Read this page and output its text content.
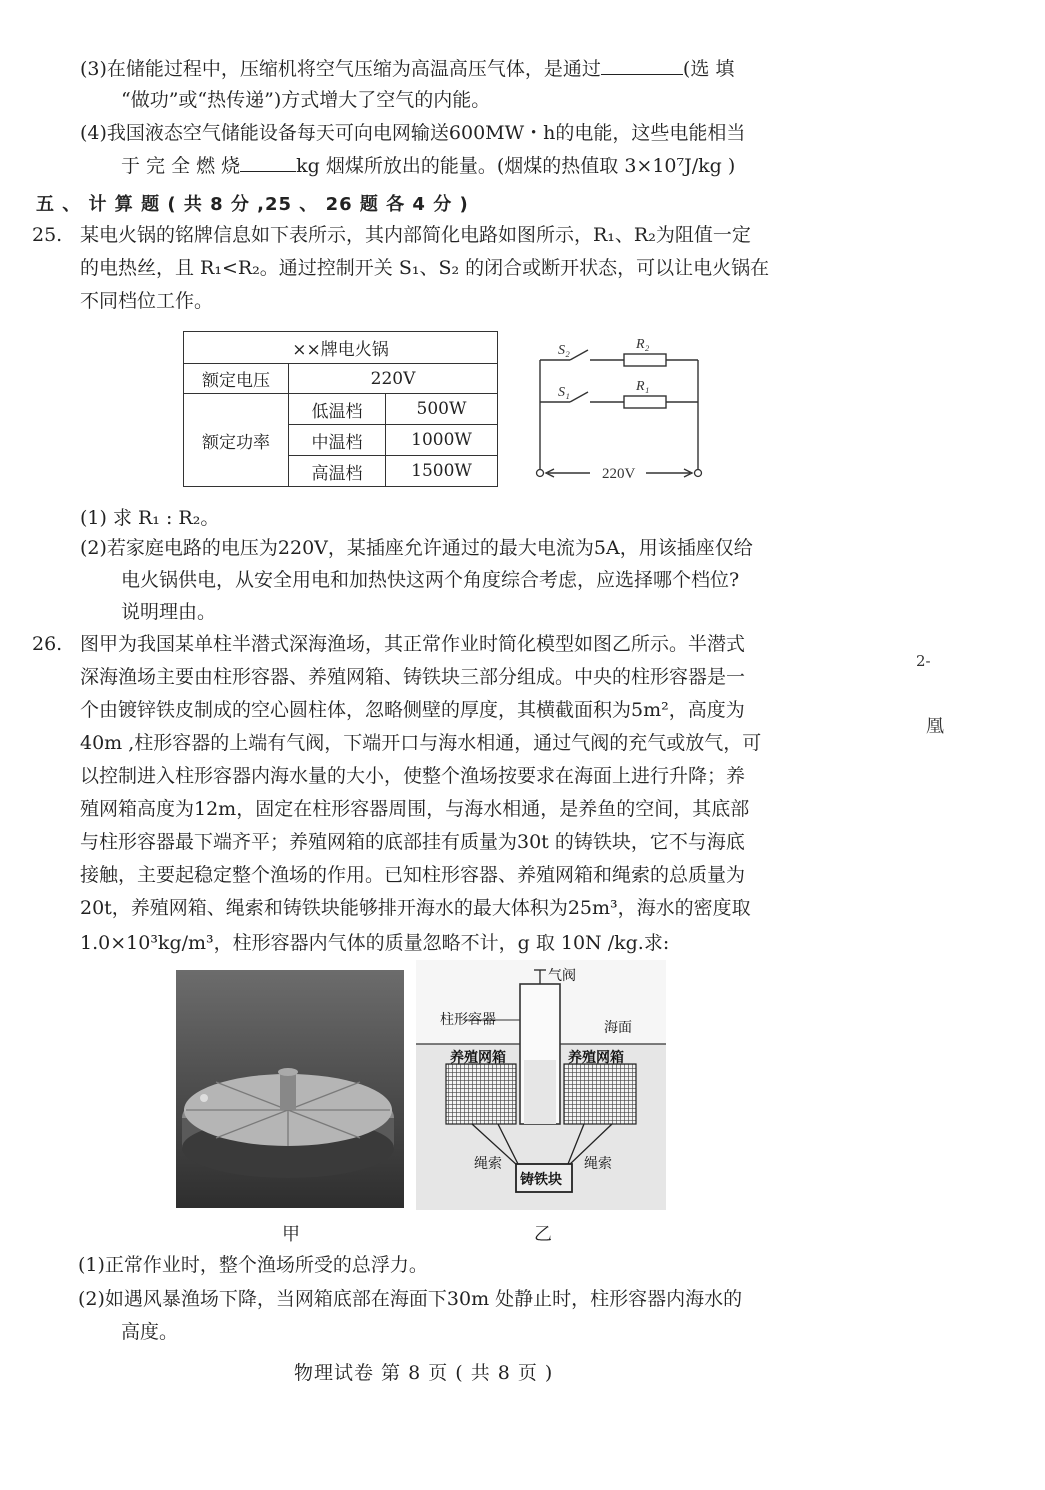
(3)在储能过程中，压缩机将空气压缩为高温高压气体，是通过	(选 填
“做功”或“热传递”)方式增大了空气的内能。
(4)我国液态空气储能设备每天可向电网输送600MW・h的电能，这些电能相当
于 完 全 燃 烧	kg 烟煤所放出的能量。(烟煤的热值取 3×10⁷J/kg )
五 、 计 算 题 ( 共 8 分 ,25 、 26 题 各 4 分 )
25. 某电火锅的铭牌信息如下表所示，其内部简化电路如图所示，R₁、R₂为阻值一定
的电热丝，且 R₁<R₂。通过控制开关 S₁、S₂ 的闭合或断开状态，可以让电火锅在
不同档位工作。
××牌电火锅		
额定电压	220V	
额定功率	低温档	500W
	中温档	1000W
	高温档	1500W
S₂	R₂
S₁	R₁
220V
(1) 求 R₁ : R₂。
(2)若家庭电路的电压为220V，某插座允许通过的最大电流为5A，用该插座仅给
电火锅供电，从安全用电和加热快这两个角度综合考虑，应选择哪个档位?
说明理由。
26. 图甲为我国某单柱半潜式深海渔场，其正常作业时简化模型如图乙所示。半潜式
深海渔场主要由柱形容器、养殖网箱、铸铁块三部分组成。中央的柱形容器是一
个由镀锌铁皮制成的空心圆柱体，忽略侧壁的厚度，其横截面积为5m²，高度为
40m ,柱形容器的上端有气阀，下端开口与海水相通，通过气阀的充气或放气，可
以控制进入柱形容器内海水量的大小，使整个渔场按要求在海面上进行升降；养
殖网箱高度为12m，固定在柱形容器周围，与海水相通，是养鱼的空间，其底部
与柱形容器最下端齐平；养殖网箱的底部挂有质量为30t 的铸铁块，它不与海底
接触，主要起稳定整个渔场的作用。已知柱形容器、养殖网箱和绳索的总质量为
20t，养殖网箱、绳索和铸铁块能够排开海水的最大体积为25m³，海水的密度取
1.0×10³kg/m³，柱形容器内气体的质量忽略不计，g 取 10N /kg.求:
2-
凰
气阀
柱形容器	海面
养殖网箱	养殖网箱
绳索	绳索
铸铁块
甲	乙
(1)正常作业时，整个渔场所受的总浮力。
(2)如遇风暴渔场下降，当网箱底部在海面下30m 处静止时，柱形容器内海水的
高度。
物理试卷 第 8 页 ( 共 8 页 )
